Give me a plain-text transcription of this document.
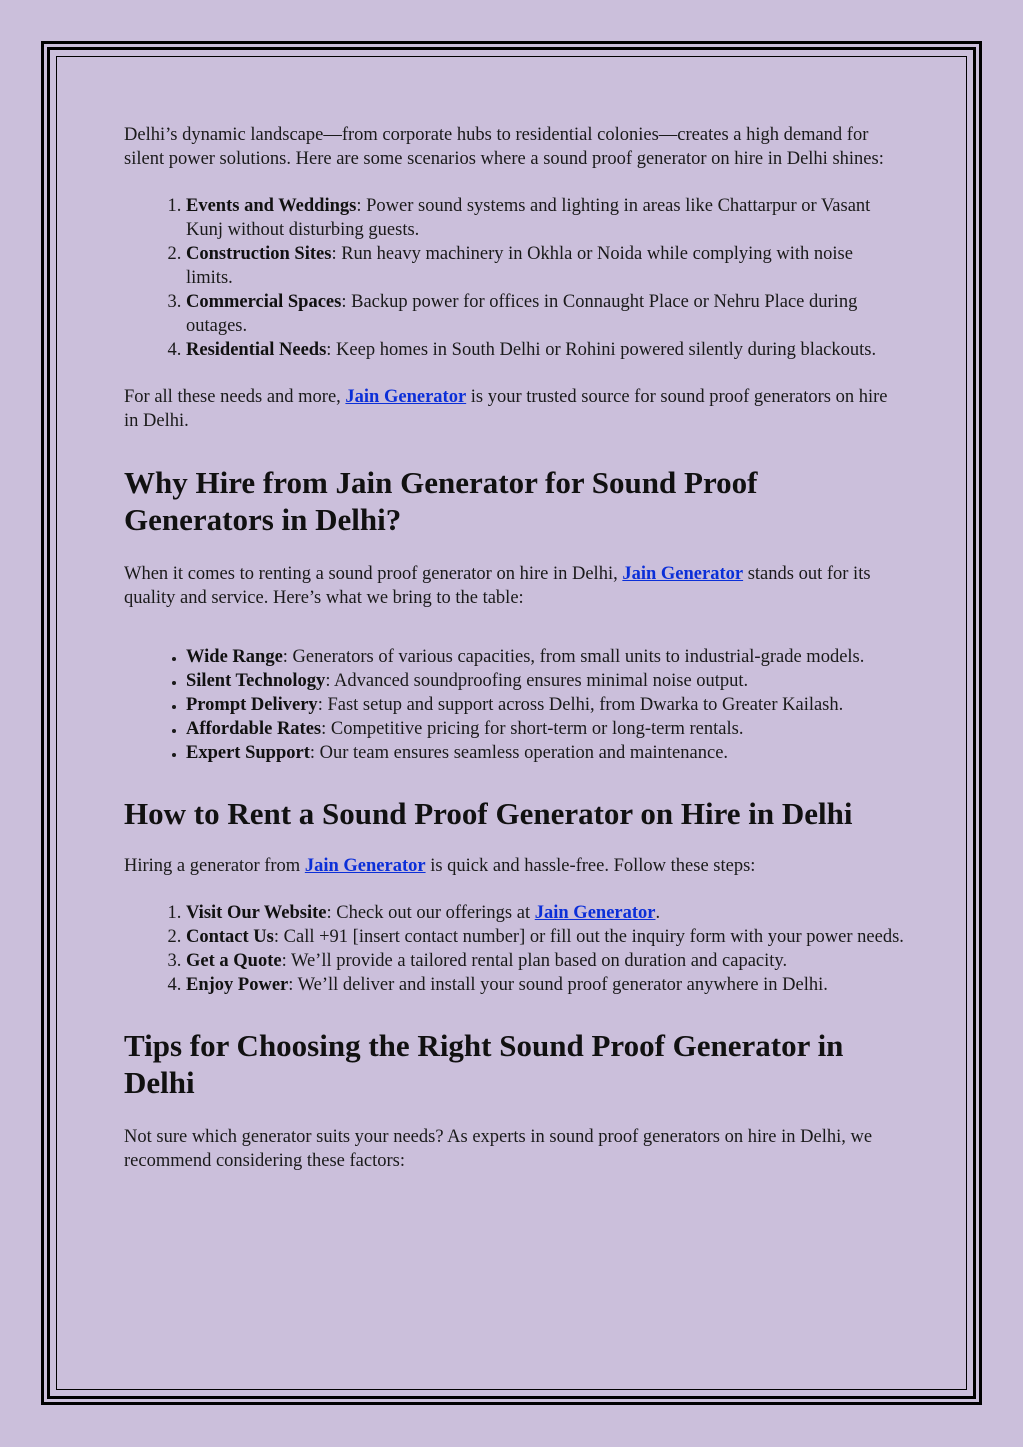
Delhi’s dynamic landscape—from corporate hubs to residential colonies—creates a high demand for silent power solutions. Here are some scenarios where a sound proof generator on hire in Delhi shines:

1. Events and Weddings: Power sound systems and lighting in areas like Chattarpur or Vasant Kunj without disturbing guests.
2. Construction Sites: Run heavy machinery in Okhla or Noida while complying with noise limits.
3. Commercial Spaces: Backup power for offices in Connaught Place or Nehru Place during outages.
4. Residential Needs: Keep homes in South Delhi or Rohini powered silently during blackouts.

For all these needs and more, Jain Generator is your trusted source for sound proof generators on hire in Delhi.

Why Hire from Jain Generator for Sound Proof Generators in Delhi?

When it comes to renting a sound proof generator on hire in Delhi, Jain Generator stands out for its quality and service. Here’s what we bring to the table:

• Wide Range: Generators of various capacities, from small units to industrial-grade models.
• Silent Technology: Advanced soundproofing ensures minimal noise output.
• Prompt Delivery: Fast setup and support across Delhi, from Dwarka to Greater Kailash.
• Affordable Rates: Competitive pricing for short-term or long-term rentals.
• Expert Support: Our team ensures seamless operation and maintenance.
How to Rent a Sound Proof Generator on Hire in Delhi

Hiring a generator from Jain Generator is quick and hassle-free. Follow these steps:

1. Visit Our Website: Check out our offerings at Jain Generator.
2. Contact Us: Call +91 [insert contact number] or fill out the inquiry form with your power needs.
3. Get a Quote: We’ll provide a tailored rental plan based on duration and capacity.
4. Enjoy Power: We’ll deliver and install your sound proof generator anywhere in Delhi.
Tips for Choosing the Right Sound Proof Generator in Delhi

Not sure which generator suits your needs? As experts in sound proof generators on hire in Delhi, we recommend considering these factors:
